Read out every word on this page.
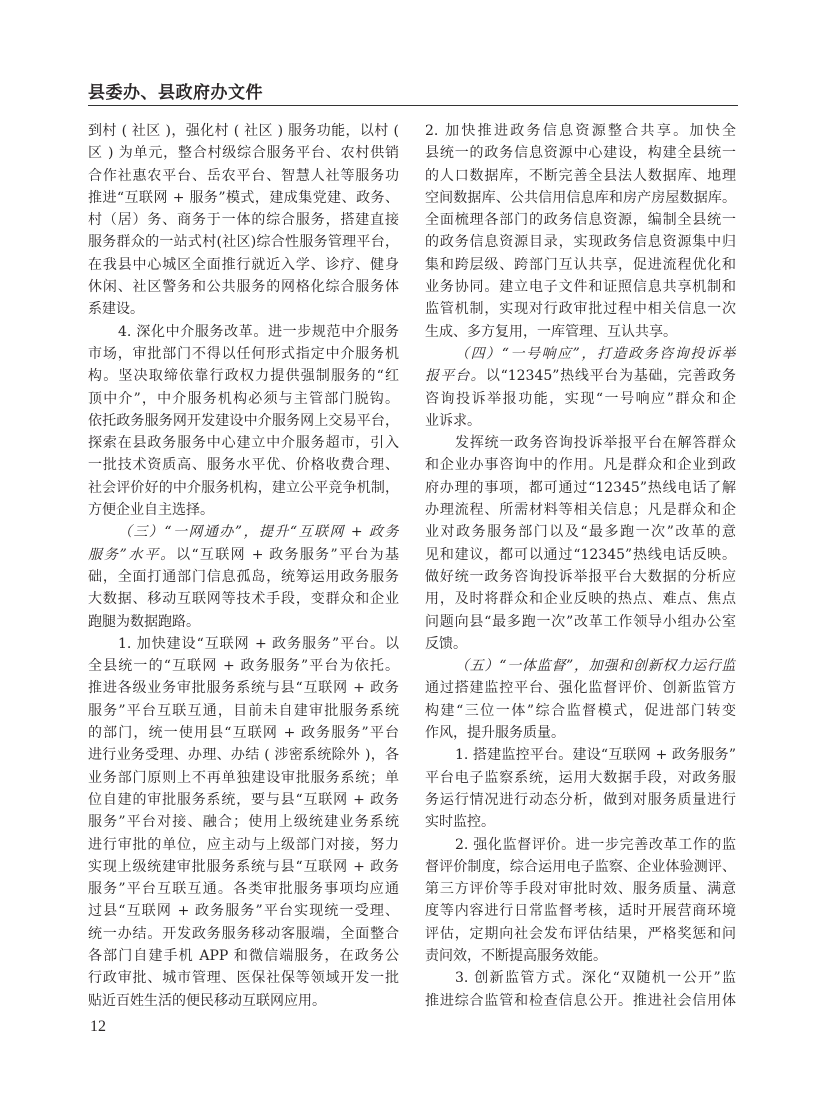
县委办、县政府办文件
到村 ( 社区 )，强化村 ( 社区 ) 服务功能，以村 (
区 ) 为单元，整合村级综合服务平台、农村供销
合作社惠农平台、岳农平台、智慧人社等服务功
推进“互联网 + 服务”模式，建成集党建、政务、
村（居）务、商务于一体的综合服务，搭建直接
服务群众的一站式村(社区)综合性服务管理平台，
在我县中心城区全面推行就近入学、诊疗、健身
休闲、社区警务和公共服务的网格化综合服务体
系建设。
4. 深化中介服务改革。进一步规范中介服务
市场，审批部门不得以任何形式指定中介服务机
构。坚决取缔依靠行政权力提供强制服务的“红
顶中介”，中介服务机构必须与主管部门脱钩。
依托政务服务网开发建设中介服务网上交易平台，
探索在县政务服务中心建立中介服务超市，引入
一批技术资质高、服务水平优、价格收费合理、
社会评价好的中介服务机构，建立公平竞争机制，
方便企业自主选择。
（三）“一网通办”，提升“互联网 + 政务
服务”水平。以“互联网 + 政务服务”平台为基
础，全面打通部门信息孤岛，统筹运用政务服务
大数据、移动互联网等技术手段，变群众和企业
跑腿为数据跑路。
1. 加快建设“互联网 + 政务服务”平台。以
全县统一的“互联网 + 政务服务”平台为依托。
推进各级业务审批服务系统与县“互联网 + 政务
服务”平台互联互通，目前未自建审批服务系统
的部门，统一使用县“互联网 + 政务服务”平台
进行业务受理、办理、办结 ( 涉密系统除外 )，各
业务部门原则上不再单独建设审批服务系统；单
位自建的审批服务系统，要与县“互联网 + 政务
服务”平台对接、融合；使用上级统建业务系统
进行审批的单位，应主动与上级部门对接，努力
实现上级统建审批服务系统与县“互联网 + 政务
服务”平台互联互通。各类审批服务事项均应通
过县“互联网 + 政务服务”平台实现统一受理、
统一办结。开发政务服务移动客服端，全面整合
各部门自建手机 APP 和微信端服务，在政务公
行政审批、城市管理、医保社保等领域开发一批
贴近百姓生活的便民移动互联网应用。
2. 加快推进政务信息资源整合共享。加快全
县统一的政务信息资源中心建设，构建全县统一
的人口数据库，不断完善全县法人数据库、地理
空间数据库、公共信用信息库和房产房屋数据库。
全面梳理各部门的政务信息资源，编制全县统一
的政务信息资源目录，实现政务信息资源集中归
集和跨层级、跨部门互认共享，促进流程优化和
业务协同。建立电子文件和证照信息共享机制和
监管机制，实现对行政审批过程中相关信息一次
生成、多方复用，一库管理、互认共享。
（四）“一号响应”，打造政务咨询投诉举
报平台。以“12345”热线平台为基础，完善政务
咨询投诉举报功能，实现“一号响应”群众和企
业诉求。
发挥统一政务咨询投诉举报平台在解答群众
和企业办事咨询中的作用。凡是群众和企业到政
府办理的事项，都可通过“12345”热线电话了解
办理流程、所需材料等相关信息；凡是群众和企
业对政务服务部门以及“最多跑一次”改革的意
见和建议，都可以通过“12345”热线电话反映。
做好统一政务咨询投诉举报平台大数据的分析应
用，及时将群众和企业反映的热点、难点、焦点
问题向县“最多跑一次”改革工作领导小组办公室
反馈。
（五）“一体监督”，加强和创新权力运行监
通过搭建监控平台、强化监督评价、创新监管方
构建“三位一体”综合监督模式，促进部门转变
作风，提升服务质量。
1. 搭建监控平台。建设“互联网 + 政务服务”
平台电子监察系统，运用大数据手段，对政务服
务运行情况进行动态分析，做到对服务质量进行
实时监控。
2. 强化监督评价。进一步完善改革工作的监
督评价制度，综合运用电子监察、企业体验测评、
第三方评价等手段对审批时效、服务质量、满意
度等内容进行日常监督考核，适时开展营商环境
评估，定期向社会发布评估结果，严格奖惩和问
责问效，不断提高服务效能。
3. 创新监管方式。深化“双随机一公开”监
推进综合监管和检查信息公开。推进社会信用体
12
